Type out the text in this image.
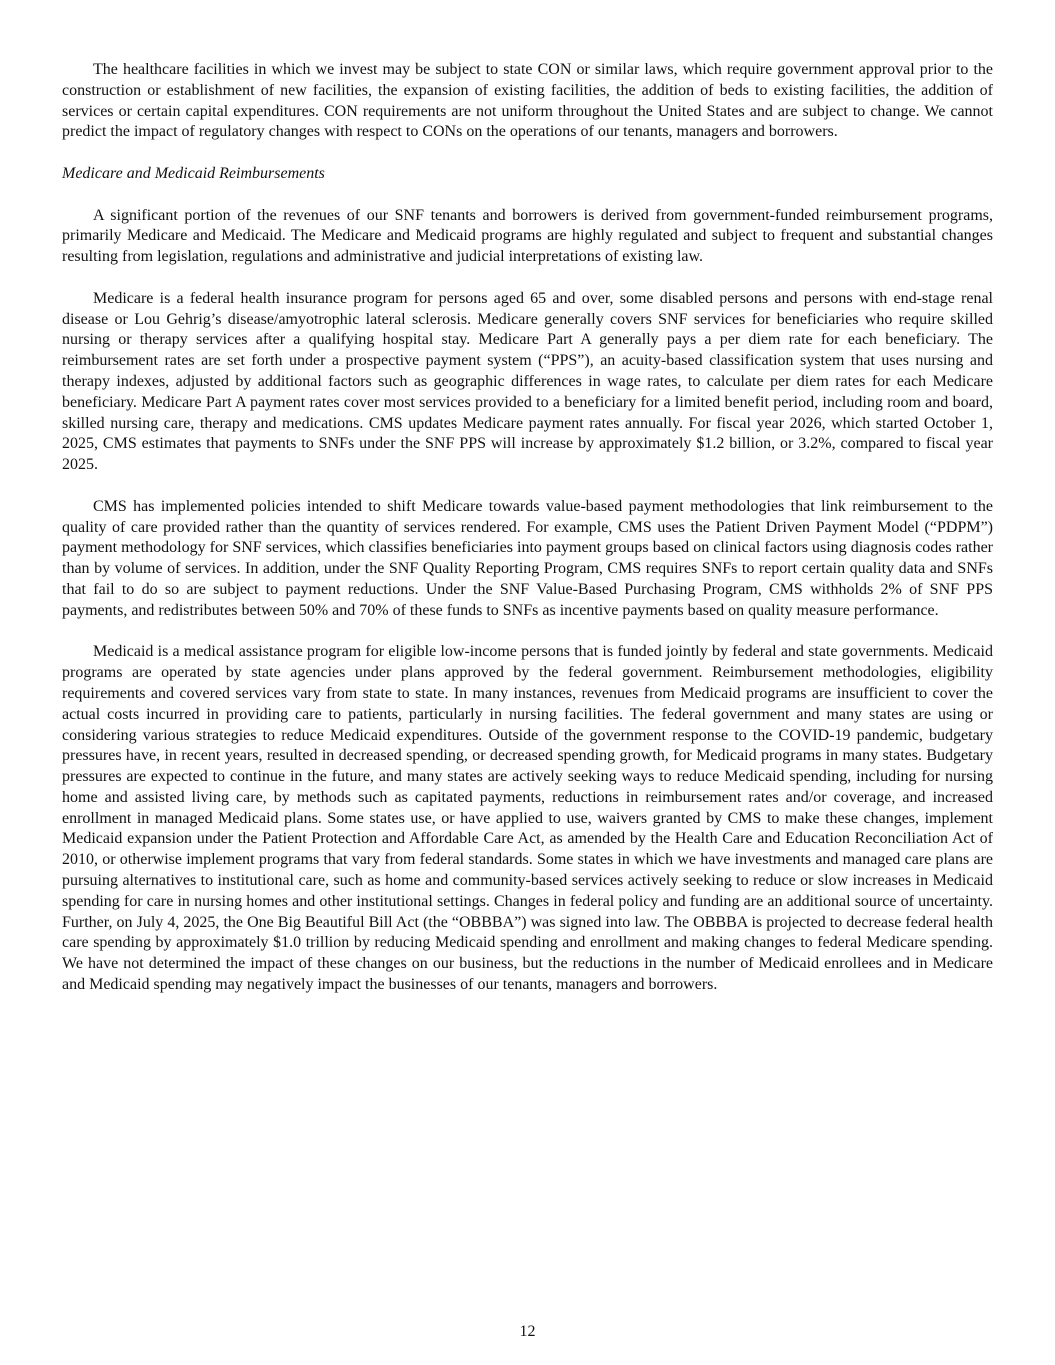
The healthcare facilities in which we invest may be subject to state CON or similar laws, which require government approval prior to the construction or establishment of new facilities, the expansion of existing facilities, the addition of beds to existing facilities, the addition of services or certain capital expenditures. CON requirements are not uniform throughout the United States and are subject to change. We cannot predict the impact of regulatory changes with respect to CONs on the operations of our tenants, managers and borrowers.

Medicare and Medicaid Reimbursements

A significant portion of the revenues of our SNF tenants and borrowers is derived from government-funded reimbursement programs, primarily Medicare and Medicaid. The Medicare and Medicaid programs are highly regulated and subject to frequent and substantial changes resulting from legislation, regulations and administrative and judicial interpretations of existing law.

Medicare is a federal health insurance program for persons aged 65 and over, some disabled persons and persons with end-stage renal disease or Lou Gehrig’s disease/amyotrophic lateral sclerosis. Medicare generally covers SNF services for beneficiaries who require skilled nursing or therapy services after a qualifying hospital stay. Medicare Part A generally pays a per diem rate for each beneficiary. The reimbursement rates are set forth under a prospective payment system (“PPS”), an acuity-based classification system that uses nursing and therapy indexes, adjusted by additional factors such as geographic differences in wage rates, to calculate per diem rates for each Medicare beneficiary. Medicare Part A payment rates cover most services provided to a beneficiary for a limited benefit period, including room and board, skilled nursing care, therapy and medications. CMS updates Medicare payment rates annually. For fiscal year 2026, which started October 1, 2025, CMS estimates that payments to SNFs under the SNF PPS will increase by approximately $1.2 billion, or 3.2%, compared to fiscal year 2025.

CMS has implemented policies intended to shift Medicare towards value-based payment methodologies that link reimbursement to the quality of care provided rather than the quantity of services rendered. For example, CMS uses the Patient Driven Payment Model (“PDPM”) payment methodology for SNF services, which classifies beneficiaries into payment groups based on clinical factors using diagnosis codes rather than by volume of services. In addition, under the SNF Quality Reporting Program, CMS requires SNFs to report certain quality data and SNFs that fail to do so are subject to payment reductions. Under the SNF Value-Based Purchasing Program, CMS withholds 2% of SNF PPS payments, and redistributes between 50% and 70% of these funds to SNFs as incentive payments based on quality measure performance.

Medicaid is a medical assistance program for eligible low-income persons that is funded jointly by federal and state governments. Medicaid programs are operated by state agencies under plans approved by the federal government. Reimbursement methodologies, eligibility requirements and covered services vary from state to state. In many instances, revenues from Medicaid programs are insufficient to cover the actual costs incurred in providing care to patients, particularly in nursing facilities. The federal government and many states are using or considering various strategies to reduce Medicaid expenditures. Outside of the government response to the COVID-19 pandemic, budgetary pressures have, in recent years, resulted in decreased spending, or decreased spending growth, for Medicaid programs in many states. Budgetary pressures are expected to continue in the future, and many states are actively seeking ways to reduce Medicaid spending, including for nursing home and assisted living care, by methods such as capitated payments, reductions in reimbursement rates and/or coverage, and increased enrollment in managed Medicaid plans. Some states use, or have applied to use, waivers granted by CMS to make these changes, implement Medicaid expansion under the Patient Protection and Affordable Care Act, as amended by the Health Care and Education Reconciliation Act of 2010, or otherwise implement programs that vary from federal standards. Some states in which we have investments and managed care plans are pursuing alternatives to institutional care, such as home and community-based services actively seeking to reduce or slow increases in Medicaid spending for care in nursing homes and other institutional settings. Changes in federal policy and funding are an additional source of uncertainty. Further, on July 4, 2025, the One Big Beautiful Bill Act (the “OBBBA”) was signed into law. The OBBBA is projected to decrease federal health care spending by approximately $1.0 trillion by reducing Medicaid spending and enrollment and making changes to federal Medicare spending. We have not determined the impact of these changes on our business, but the reductions in the number of Medicaid enrollees and in Medicare and Medicaid spending may negatively impact the businesses of our tenants, managers and borrowers.

12
